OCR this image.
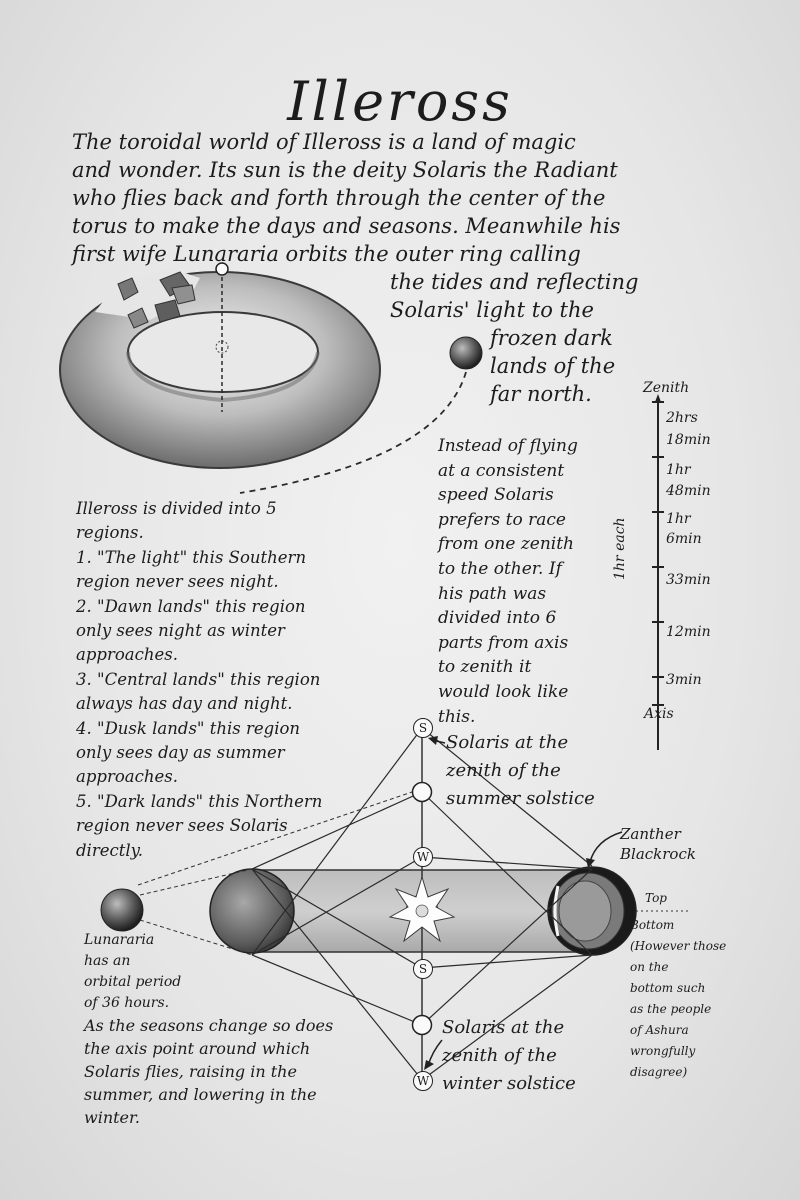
Illeross
The toroidal world of Illeross is a land of magic
and wonder. Its sun is the deity Solaris the Radiant
who flies back and forth through the center of the
torus to make the days and seasons. Meanwhile his
first wife Lunararia orbits the outer ring calling
the tides and reflecting
Solaris' light to the
frozen dark
lands of the
far north.
Instead of flying
at a consistent
speed Solaris
prefers to race
from one zenith
to the other. If
his path was
divided into 6
parts from axis
to zenith it
would look like
this.
Zenith
2hrs
18min
1hr
48min
1hr
6min
33min
12min
3min
Axis
1hr each
Illeross is divided into 5
regions.
1. "The light" this Southern
region never sees night.
2. "Dawn lands" this region
only sees night as winter
approaches.
3. "Central lands" this region
always has day and night.
4. "Dusk lands" this region
only sees day as summer
approaches.
5. "Dark lands" this Northern
region never sees Solaris
directly.
S
W
S
W
Solaris at the
zenith of the
summer solstice
Solaris at the
zenith of the
winter solstice
Zanther
Blackrock
Top
Bottom
(However those
on the
bottom such
as the people
of Ashura
wrongfully
disagree)
Lunararia
has an
orbital period
of 36 hours.
As the seasons change so does
the axis point around which
Solaris flies, raising in the
summer, and lowering in the
winter.
